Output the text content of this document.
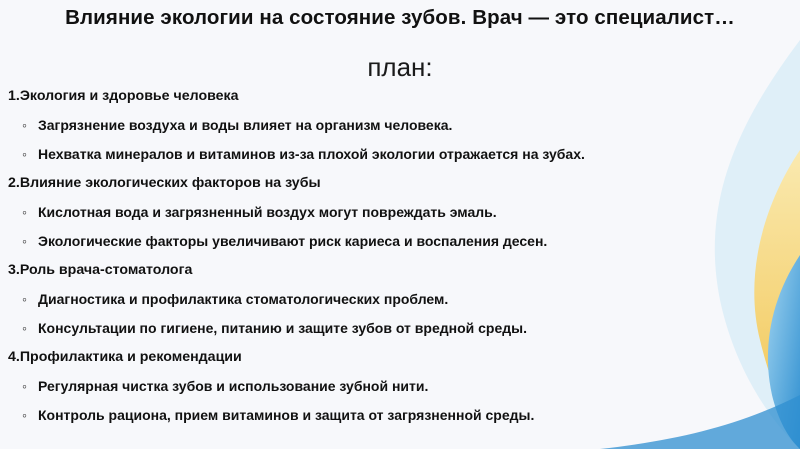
Влияние экологии на состояние зубов. Врач — это специалист…
план:
1.Экология и здоровье человека
◦ Загрязнение воздуха и воды влияет на организм человека.
◦ Нехватка минералов и витаминов из-за плохой экологии отражается на зубах.
2.Влияние экологических факторов на зубы
◦ Кислотная вода и загрязненный воздух могут повреждать эмаль.
◦ Экологические факторы увеличивают риск кариеса и воспаления десен.
3.Роль врача-стоматолога
◦ Диагностика и профилактика стоматологических проблем.
◦ Консультации по гигиене, питанию и защите зубов от вредной среды.
4.Профилактика и рекомендации
◦ Регулярная чистка зубов и использование зубной нити.
◦ Контроль рациона, прием витаминов и защита от загрязненной среды.
